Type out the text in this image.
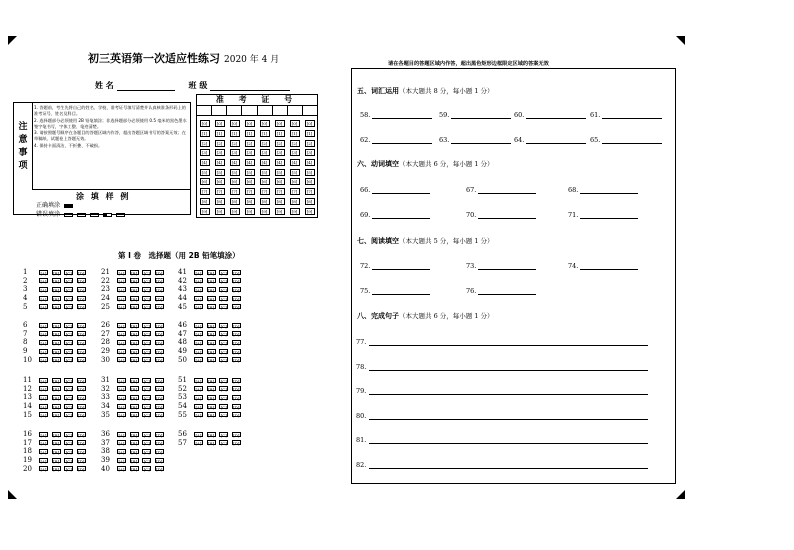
初三英语第一次适应性练习 2020 年 4 月
姓 名	班 级
注
意
事
项
1. 答题前，考生先将自己的姓名、学校、准考证号填写清楚并认真核准条形码上的准考证号、姓名及科目。
2. 选择题部分必须使用 2B 铅笔填涂；非选择题部分必须使用 0.5 毫米的黑色墨水签字笔书写，字体工整、笔迹清楚。
3. 请按照题号顺序在各题目的答题区域内作答，超出答题区域书写的答案无效；在草稿纸、试题卷上答题无效。
4. 保持卡面清洁，不折叠、不破损。
涂 填 样 例
正确填涂
错误填涂
准 考 证 号
[0]	[0]	[0]	[0]	[0]	[0]	[0]	[0]
[1]	[1]	[1]	[1]	[1]	[1]	[1]	[1]
[2]	[2]	[2]	[2]	[2]	[2]	[2]	[2]
[3]	[3]	[3]	[3]	[3]	[3]	[3]	[3]
[4]	[4]	[4]	[4]	[4]	[4]	[4]	[4]
[5]	[5]	[5]	[5]	[5]	[5]	[5]	[5]
[6]	[6]	[6]	[6]	[6]	[6]	[6]	[6]
[7]	[7]	[7]	[7]	[7]	[7]	[7]	[7]
[8]	[8]	[8]	[8]	[8]	[8]	[8]	[8]
[9]	[9]	[9]	[9]	[9]	[9]	[9]	[9]
第 I 卷　选择题（用 2B 铅笔填涂）
1	[A]	[B]	[C]	[D]
2	[A]	[B]	[C]	[D]
3	[A]	[B]	[C]	[D]
4	[A]	[B]	[C]	[D]
5	[A]	[B]	[C]	[D]
6	[A]	[B]	[C]	[D]
7	[A]	[B]	[C]	[D]
8	[A]	[B]	[C]	[D]
9	[A]	[B]	[C]	[D]
10	[A]	[B]	[C]	[D]
11	[A]	[B]	[C]	[D]
12	[A]	[B]	[C]	[D]
13	[A]	[B]	[C]	[D]
14	[A]	[B]	[C]	[D]
15	[A]	[B]	[C]	[D]
16	[A]	[B]	[C]	[D]
17	[A]	[B]	[C]	[D]
18	[A]	[B]	[C]	[D]
19	[A]	[B]	[C]	[D]
20	[A]	[B]	[C]	[D]
21	[A]	[B]	[C]	[D]
22	[A]	[B]	[C]	[D]
23	[A]	[B]	[C]	[D]
24	[A]	[B]	[C]	[D]
25	[A]	[B]	[C]	[D]
26	[A]	[B]	[C]	[D]
27	[A]	[B]	[C]	[D]
28	[A]	[B]	[C]	[D]
29	[A]	[B]	[C]	[D]
30	[A]	[B]	[C]	[D]
31	[A]	[B]	[C]	[D]
32	[A]	[B]	[C]	[D]
33	[A]	[B]	[C]	[D]
34	[A]	[B]	[C]	[D]
35	[A]	[B]	[C]	[D]
36	[A]	[B]	[C]	[D]
37	[A]	[B]	[C]	[D]
38	[A]	[B]	[C]	[D]
39	[A]	[B]	[C]	[D]
40	[A]	[B]	[C]	[D]
41	[A]	[B]	[C]	[D]
42	[A]	[B]	[C]	[D]
43	[A]	[B]	[C]	[D]
44	[A]	[B]	[C]	[D]
45	[A]	[B]	[C]	[D]
46	[A]	[B]	[C]	[D]
47	[A]	[B]	[C]	[D]
48	[A]	[B]	[C]	[D]
49	[A]	[B]	[C]	[D]
50	[A]	[B]	[C]	[D]
51	[A]	[B]	[C]	[D]
52	[A]	[B]	[C]	[D]
53	[A]	[B]	[C]	[D]
54	[A]	[B]	[C]	[D]
55	[A]	[B]	[C]	[D]
56	[A]	[B]	[C]	[D]
57	[A]	[B]	[C]	[D]
请在各题目的答题区域内作答，超出黑色矩形边框限定区域的答案无效
五、词汇运用（本大题共 8 分，每小题 1 分）
58.	59.	60.	61.
62.	63.	64.	65.
六、动词填空（本大题共 6 分，每小题 1 分）
66.	67.	68.
69.	70.	71.
七、阅读填空（本大题共 5 分，每小题 1 分）
72.	73.	74.
75.	76.
八、完成句子（本大题共 6 分，每小题 1 分）
77.
78.
79.
80.
81.
82.
